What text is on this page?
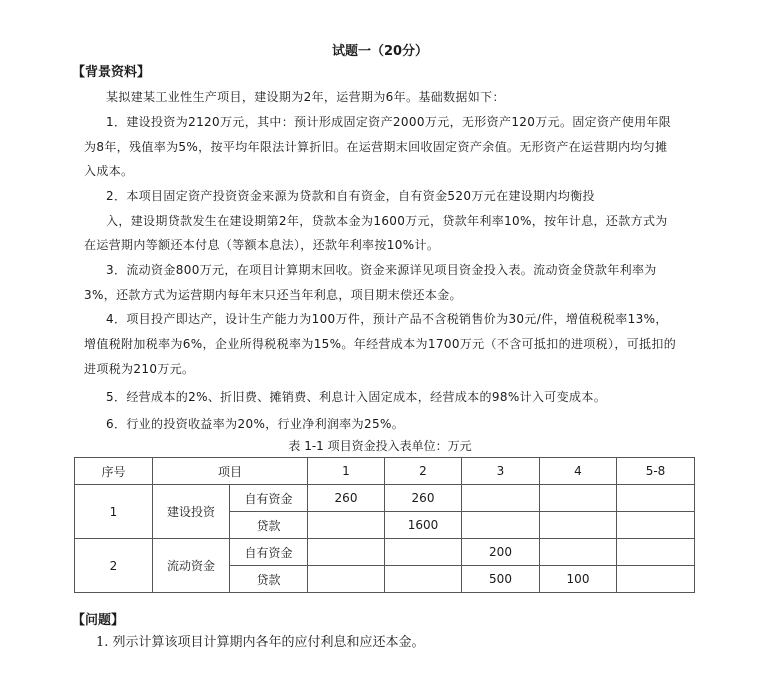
试题一（20分）
【背景资料】
某拟建某工业性生产项目，建设期为2年，运营期为6年。基础数据如下：
1．建设投资为2120万元，其中：预计形成固定资产2000万元，无形资产120万元。固定资产使用年限
为8年，残值率为5%，按平均年限法计算折旧。在运营期末回收固定资产余值。无形资产在运营期内均匀摊
入成本。
2．本项目固定资产投资资金来源为贷款和自有资金，自有资金520万元在建设期内均衡投
入，建设期贷款发生在建设期第2年，贷款本金为1600万元，贷款年利率10%，按年计息，还款方式为
在运营期内等额还本付息（等额本息法），还款年利率按10%计。
3．流动资金800万元，在项目计算期末回收。资金来源详见项目资金投入表。流动资金贷款年利率为
3%，还款方式为运营期内每年末只还当年利息，项目期末偿还本金。
4．项目投产即达产，设计生产能力为100万件，预计产品不含税销售价为30元/件，增值税税率13%，
增值税附加税率为6%，企业所得税税率为15%。年经营成本为1700万元（不含可抵扣的进项税），可抵扣的
进项税为210万元。
5．经营成本的2%、折旧费、摊销费、利息计入固定成本，经营成本的98%计入可变成本。
6．行业的投资收益率为20%，行业净利润率为25%。
表 1-1 项目资金投入表单位：万元
序号	项目		1	2	3	4	5-8
1	建设投资	自有资金	260	260			
		贷款		1600			
2	流动资金	自有资金			200		
		贷款			500	100	
【问题】
1. 列示计算该项目计算期内各年的应付利息和应还本金。
